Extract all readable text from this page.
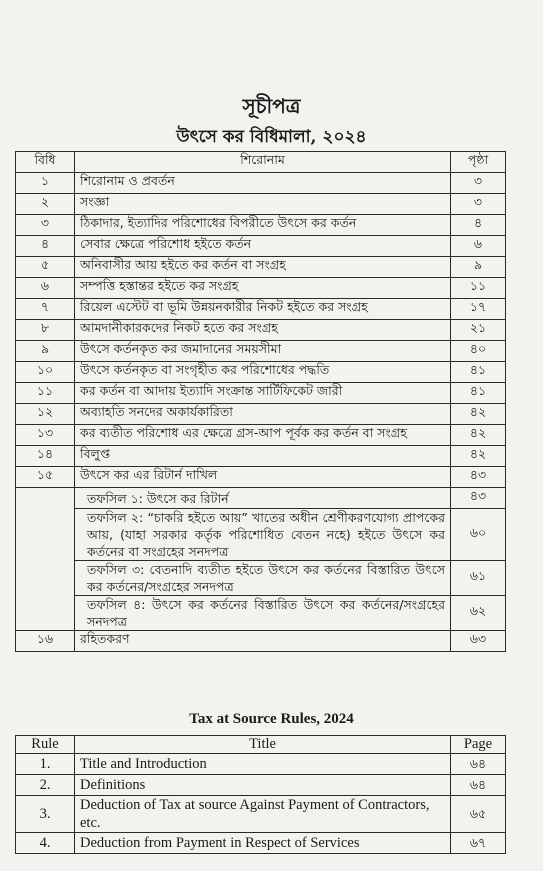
সূচীপত্র
উৎসে কর বিধিমালা, ২০২৪
বিধি	শিরোনাম	পৃষ্ঠা
১	শিরোনাম ও প্রবর্তন	৩
২	সংজ্ঞা	৩
৩	ঠিকাদার, ইত্যাদির পরিশোধের বিপরীতে উৎসে কর কর্তন	৪
৪	সেবার ক্ষেত্রে পরিশোধ হইতে কর্তন	৬
৫	অনিবাসীর আয় হইতে কর কর্তন বা সংগ্রহ	৯
৬	সম্পত্তি হস্তান্তর হইতে কর সংগ্রহ	১১
৭	রিয়েল এস্টেট বা ভূমি উন্নয়নকারীর নিকট হইতে কর সংগ্রহ	১৭
৮	আমদানীকারকদের নিকট হতে কর সংগ্রহ	২১
৯	উৎসে কর্তনকৃত কর জমাদানের সময়সীমা	৪০
১০	উৎসে কর্তনকৃত বা সংগৃহীত কর পরিশোধের পদ্ধতি	৪১
১১	কর কর্তন বা আদায় ইত্যাদি সংক্রান্ত সার্টিফিকেট জারী	৪১
১২	অব্যাহতি সনদের অকার্যকারিতা	৪২
১৩	কর ব্যতীত পরিশোধ এর ক্ষেত্রে গ্রস-আপ পূর্বক কর কর্তন বা সংগ্রহ	৪২
১৪	বিলুপ্ত	৪২
১৫	উৎসে কর এর রিটার্ন দাখিল	৪৩
	তফসিল ১: উৎসে কর রিটার্ন	৪৩
	তফসিল ২: “চাকরি হইতে আয়” খাতের অধীন শ্রেণীকরণযোগ্য প্রাপকের আয়, (যাহা সরকার কর্তৃক পরিশোধিত বেতন নহে) হইতে উৎসে কর কর্তনের বা সংগ্রহের সনদপত্র	৬০
	তফসিল ৩: বেতনাদি ব্যতীত হইতে উৎসে কর কর্তনের বিস্তারিত উৎসে কর কর্তনের/সংগ্রহের সনদপত্র	৬১
	তফসিল ৪: উৎসে কর কর্তনের বিস্তারিত উৎসে কর কর্তনের/সংগ্রহের সনদপত্র	৬২
১৬	রহিতকরণ	৬৩
Tax at Source Rules, 2024
Rule	Title	Page
1.	Title and Introduction	৬৪
2.	Definitions	৬৪
3.	Deduction of Tax at source Against Payment of Contractors, etc.	৬৫
4.	Deduction from Payment in Respect of Services	৬৭
